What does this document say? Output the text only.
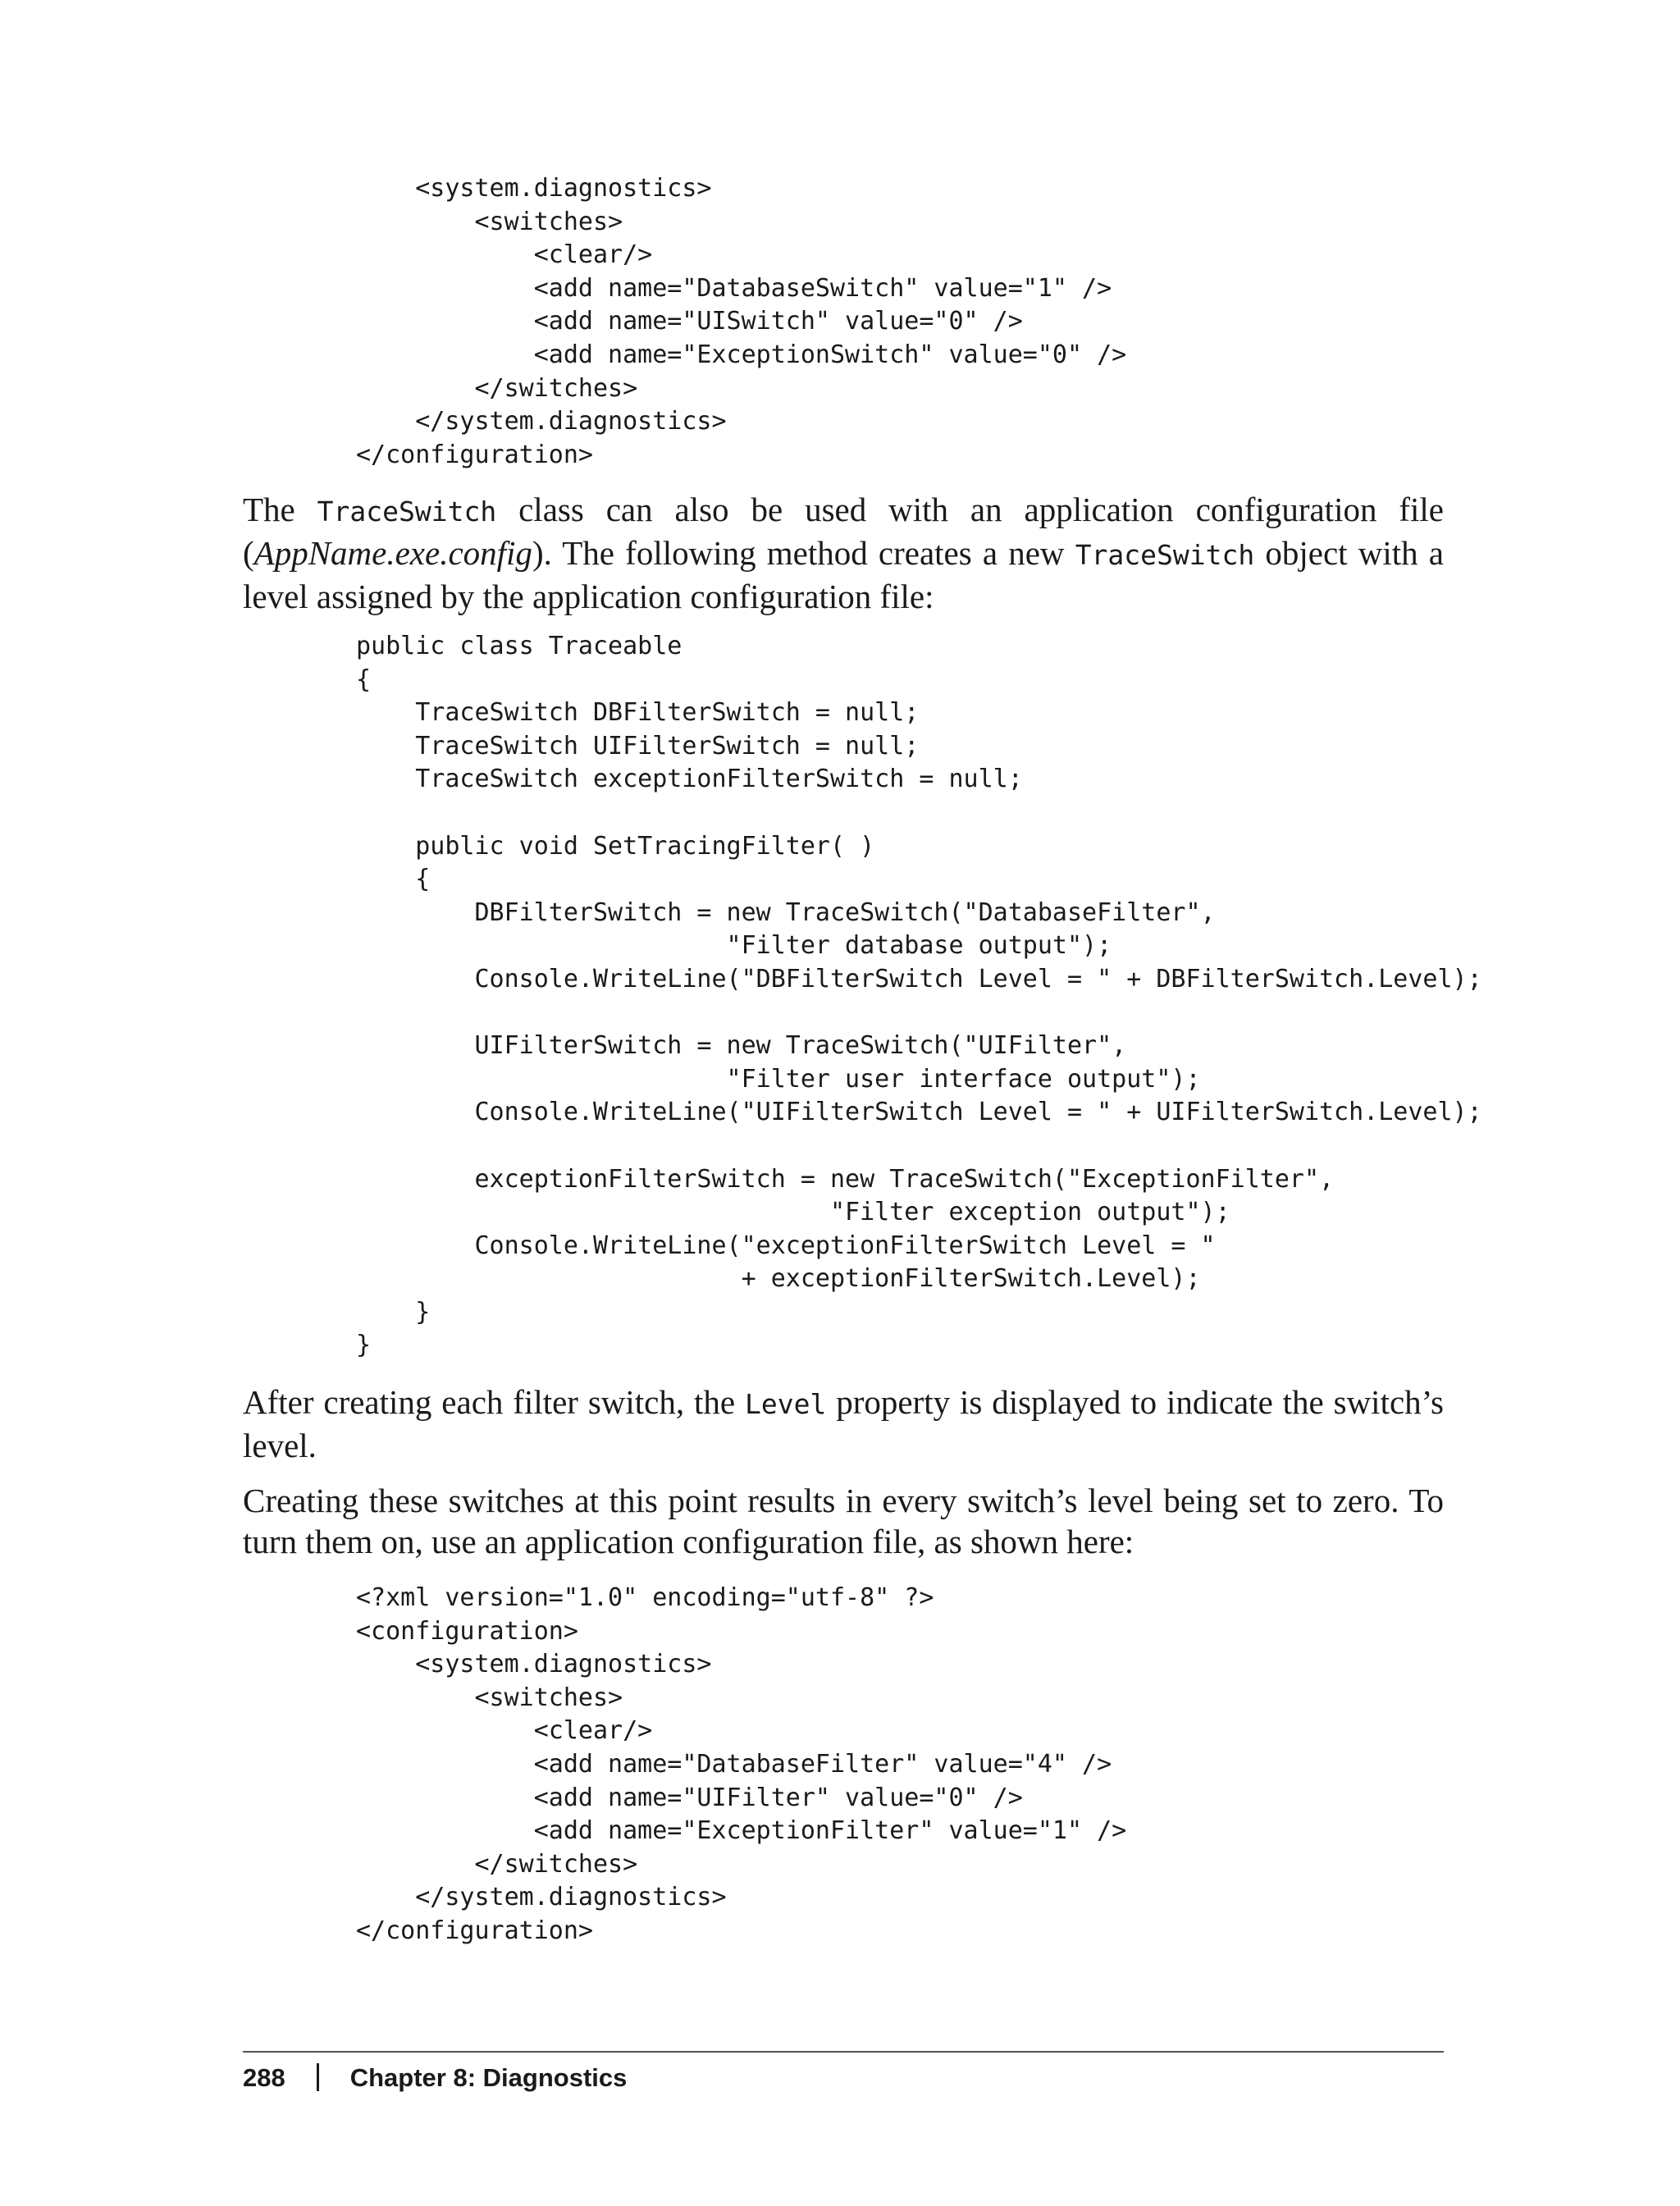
<system.diagnostics>
<switches>
<clear/>
<add name="DatabaseSwitch" value="1" />
<add name="UISwitch" value="0" />
<add name="ExceptionSwitch" value="0" />
</switches>
</system.diagnostics>
</configuration>

The TraceSwitch class can also be used with an application configuration file (AppName.exe.config). The following method creates a new TraceSwitch object with a level assigned by the application configuration file:

public class Traceable
{
TraceSwitch DBFilterSwitch = null;
TraceSwitch UIFilterSwitch = null;
TraceSwitch exceptionFilterSwitch = null;

public void SetTracingFilter( )
{
DBFilterSwitch = new TraceSwitch("DatabaseFilter",
"Filter database output");
Console.WriteLine("DBFilterSwitch Level = " + DBFilterSwitch.Level);

UIFilterSwitch = new TraceSwitch("UIFilter",
"Filter user interface output");
Console.WriteLine("UIFilterSwitch Level = " + UIFilterSwitch.Level);

exceptionFilterSwitch = new TraceSwitch("ExceptionFilter",
"Filter exception output");
Console.WriteLine("exceptionFilterSwitch Level = "
+ exceptionFilterSwitch.Level);
}
}

After creating each filter switch, the Level property is displayed to indicate the switch’s level.

Creating these switches at this point results in every switch’s level being set to zero. To turn them on, use an application configuration file, as shown here:

<?xml version="1.0" encoding="utf-8" ?>
<configuration>
<system.diagnostics>
<switches>
<clear/>
<add name="DatabaseFilter" value="4" />
<add name="UIFilter" value="0" />
<add name="ExceptionFilter" value="1" />
</switches>
</system.diagnostics>
</configuration>
288	Chapter 8: Diagnostics
